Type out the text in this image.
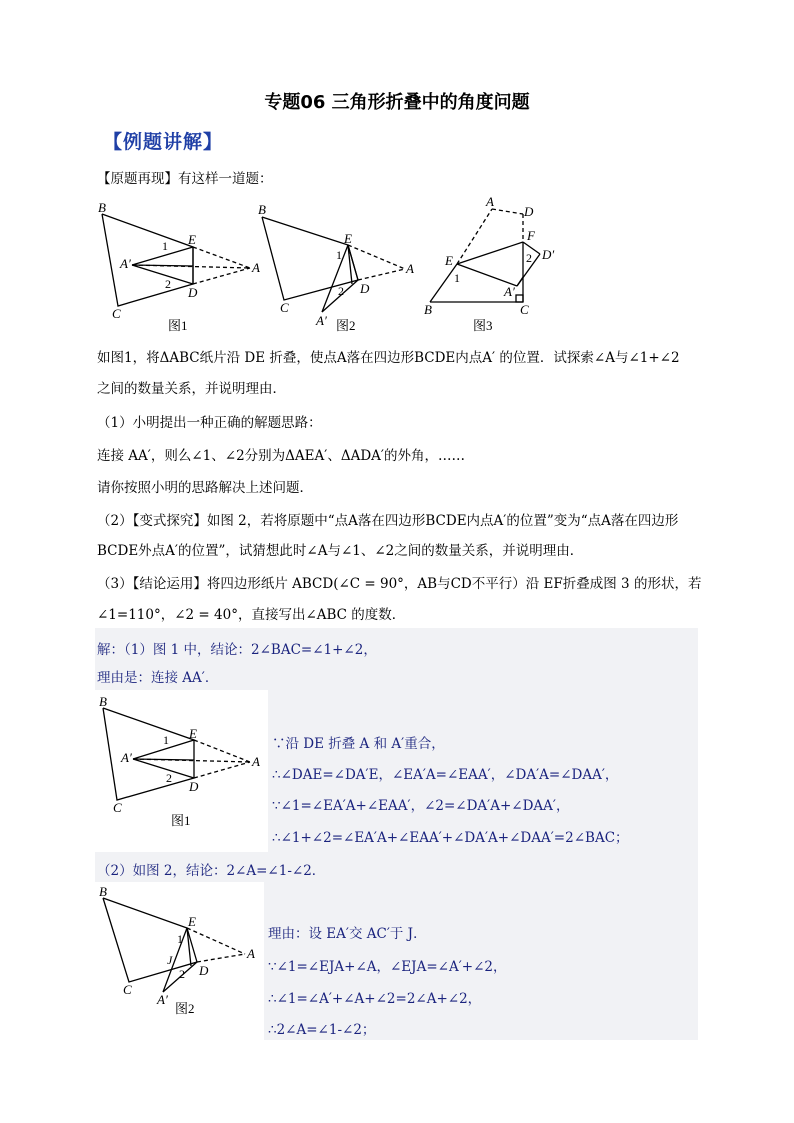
专题06 三角形折叠中的角度问题
【例题讲解】
【原题再现】有这样一道题：
B
C
E
D
A′	A
1
2
图1
B
C
E
D
A′
A
1
2
图2
A
D
F
D′
E
B	C
A′
1
2
图3
如图1，将ΔABC纸片沿 DE 折叠，使点A落在四边形BCDE内点A′ 的位置．试探索∠A与∠1+∠2
之间的数量关系，并说明理由．
（1）小明提出一种正确的解题思路：
连接 AA′，则么∠1、∠2分别为ΔAEA′、ΔADA′的外角，……
请你按照小明的思路解决上述问题．
（2）【变式探究】如图 2，若将原题中“点A落在四边形BCDE内点A′的位置”变为“点A落在四边形
BCDE外点A′的位置”，试猜想此时∠A与∠1、∠2之间的数量关系，并说明理由．
（3）【结论运用】将四边形纸片 ABCD(∠C = 90°，AB与CD不平行）沿 EF折叠成图 3 的形状，若
∠1=110°，∠2 = 40°，直接写出∠ABC 的度数．
解：（1）图 1 中，结论：2∠BAC=∠1+∠2，
理由是：连接 AA′．
B
C
E
D
A′	A
1
2
图1
∵沿 DE 折叠 A 和 A′重合，
∴∠DAE=∠DA′E，∠EA′A=∠EAA′，∠DA′A=∠DAA′，
∵∠1=∠EA′A+∠EAA′，∠2=∠DA′A+∠DAA′，
∴∠1+∠2=∠EA′A+∠EAA′+∠DA′A+∠DAA′=2∠BAC；
（2）如图 2，结论：2∠A=∠1-∠2．
B
C
E
D
A′
A
J
1
2
图2
理由：设 EA′交 AC′于 J．
∵∠1=∠EJA+∠A，∠EJA=∠A′+∠2，
∴∠1=∠A′+∠A+∠2=2∠A+∠2，
∴2∠A=∠1-∠2；
